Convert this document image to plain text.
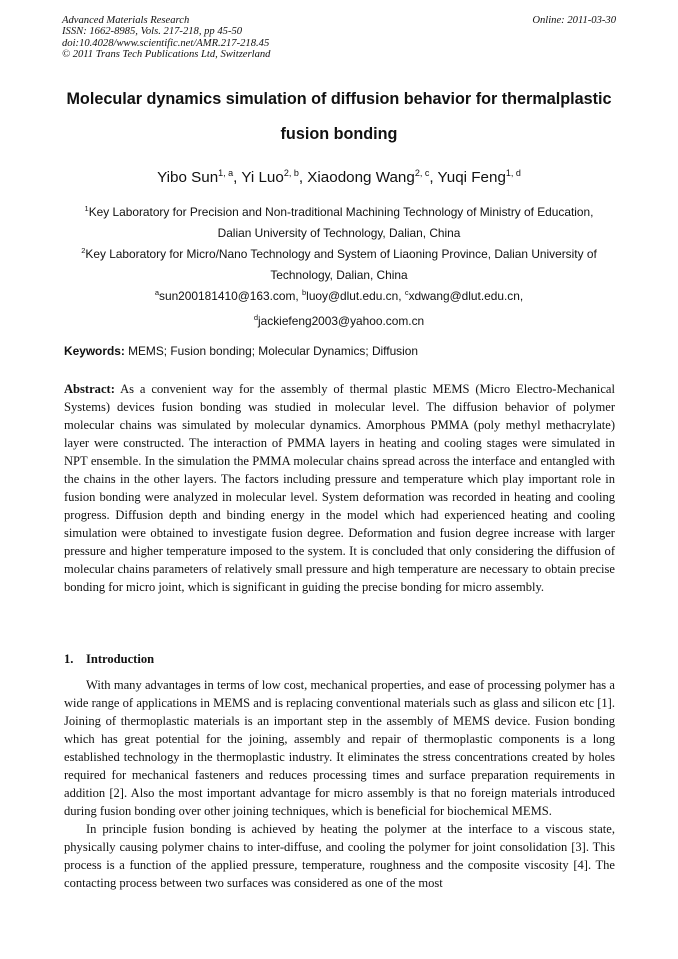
Advanced Materials Research
ISSN: 1662-8985, Vols. 217-218, pp 45-50
doi:10.4028/www.scientific.net/AMR.217-218.45
© 2011 Trans Tech Publications Ltd, Switzerland
Online: 2011-03-30
Molecular dynamics simulation of diffusion behavior for thermalplastic
fusion bonding
Yibo Sun$^{1, a}$, Yi Luo$^{2, b}$, Xiaodong Wang$^{2, c}$, Yuqi Feng$^{1, d}$
$^1$Key Laboratory for Precision and Non-traditional Machining Technology of Ministry of Education,
Dalian University of Technology, Dalian, China
$^2$Key Laboratory for Micro/Nano Technology and System of Liaoning Province, Dalian University of
Technology, Dalian, China
$^a$sun200181410@163.com, $^b$luoy@dlut.edu.cn, $^c$xdwang@dlut.edu.cn,
$^d$jackiefeng2003@yahoo.com.cn
Keywords: MEMS; Fusion bonding; Molecular Dynamics; Diffusion

Abstract: As a convenient way for the assembly of thermal plastic MEMS (Micro Electro-Mechanical Systems) devices fusion bonding was studied in molecular level. The diffusion behavior of polymer molecular chains was simulated by molecular dynamics. Amorphous PMMA (poly methyl methacrylate) layer were constructed. The interaction of PMMA layers in heating and cooling stages were simulated in NPT ensemble. In the simulation the PMMA molecular chains spread across the interface and entangled with the chains in the other layers. The factors including pressure and temperature which play important role in fusion bonding were analyzed in molecular level. System deformation was recorded in heating and cooling progress. Diffusion depth and binding energy in the model which had experienced heating and cooling simulation were obtained to investigate fusion degree. Deformation and fusion degree increase with larger pressure and higher temperature imposed to the system. It is concluded that only considering the diffusion of molecular chains parameters of relatively small pressure and high temperature are necessary to obtain precise bonding for micro joint, which is significant in guiding the precise bonding for micro assembly.

1. Introduction

With many advantages in terms of low cost, mechanical properties, and ease of processing polymer has a wide range of applications in MEMS and is replacing conventional materials such as glass and silicon etc [1]. Joining of thermoplastic materials is an important step in the assembly of MEMS device. Fusion bonding which has great potential for the joining, assembly and repair of thermoplastic components is a long established technology in the thermoplastic industry. It eliminates the stress concentrations created by holes required for mechanical fasteners and reduces processing times and surface preparation requirements in addition [2]. Also the most important advantage for micro assembly is that no foreign materials introduced during fusion bonding over other joining techniques, which is beneficial for biochemical MEMS.

In principle fusion bonding is achieved by heating the polymer at the interface to a viscous state, physically causing polymer chains to inter-diffuse, and cooling the polymer for joint consolidation [3]. This process is a function of the applied pressure, temperature, roughness and the composite viscosity [4]. The contacting process between two surfaces was considered as one of the most
